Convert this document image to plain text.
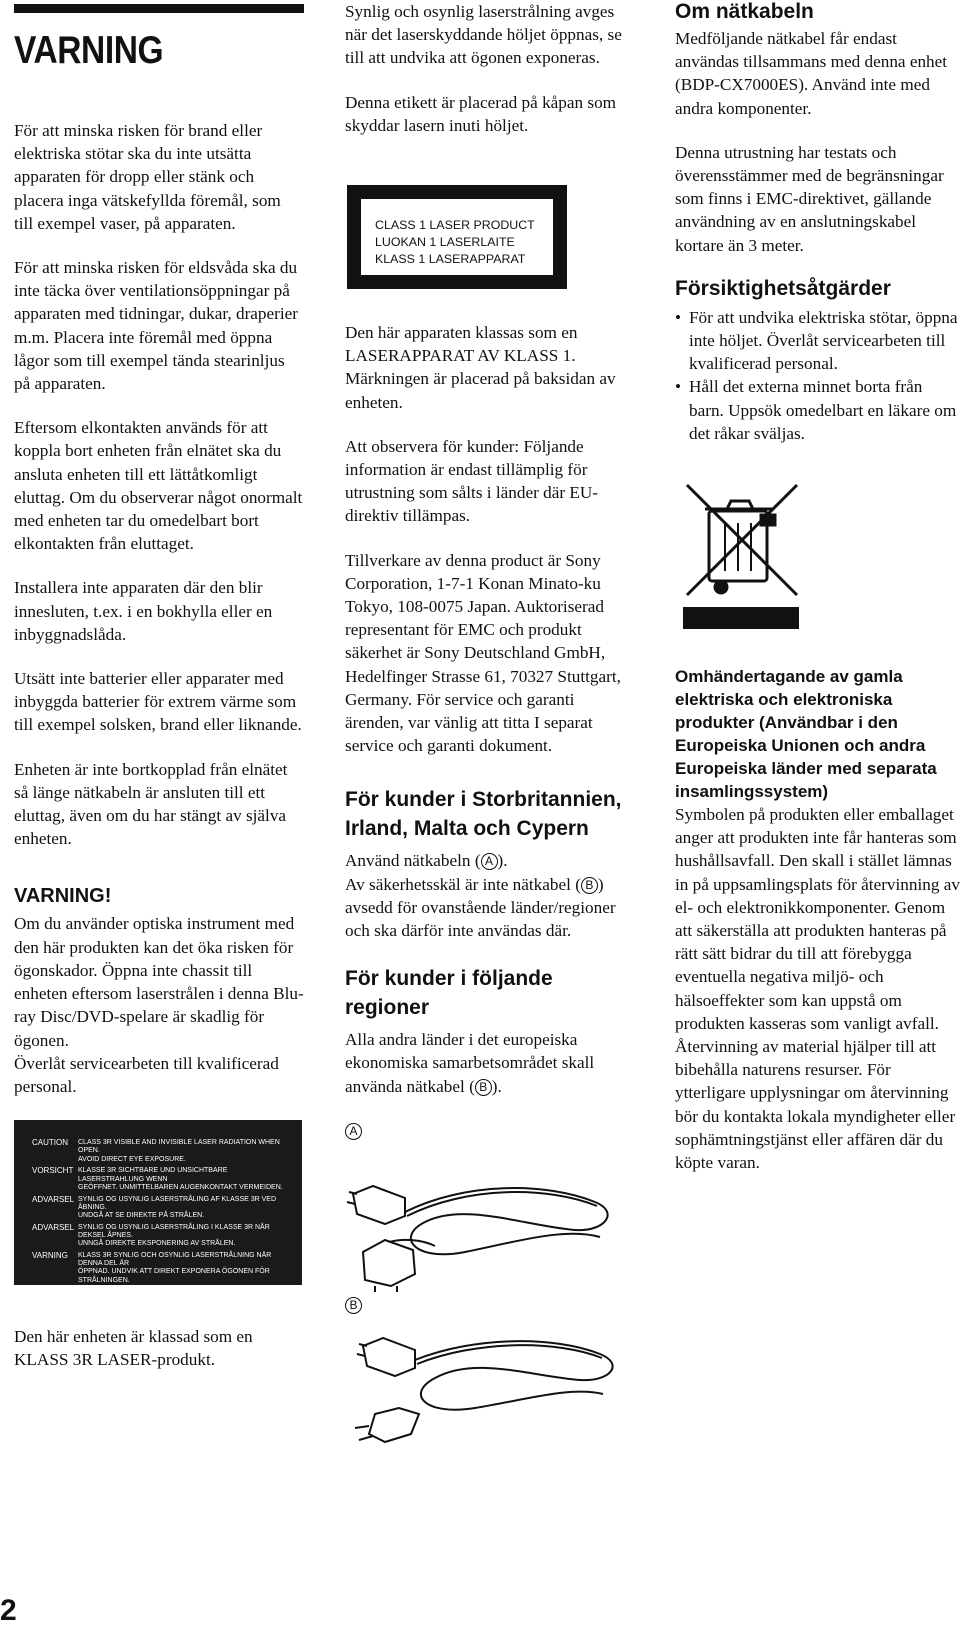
VARNING

För att minska risken för brand eller elektriska stötar ska du inte utsätta apparaten för dropp eller stänk och placera inga vätskefyllda föremål, som till exempel vaser, på apparaten.

För att minska risken för eldsvåda ska du inte täcka över ventilationsöppningar på apparaten med tidningar, dukar, draperier m.m. Placera inte föremål med öppna lågor som till exempel tända stearinljus på apparaten.

Eftersom elkontakten används för att koppla bort enheten från elnätet ska du ansluta enheten till ett lättåtkomligt eluttag. Om du observerar något onormalt med enheten tar du omedelbart bort elkontakten från eluttaget.

Installera inte apparaten där den blir innesluten, t.ex. i en bokhylla eller en inbyggnadslåda.

Utsätt inte batterier eller apparater med inbyggda batterier för extrem värme som till exempel solsken, brand eller liknande.

Enheten är inte bortkopplad från elnätet så länge nätkabeln är ansluten till ett eluttag, även om du har stängt av själva enheten.

VARNING!

Om du använder optiska instrument med den här produkten kan det öka risken för ögonskador. Öppna inte chassit till enheten eftersom laserstrålen i denna Blu-ray Disc/DVD-spelare är skadlig för ögonen.

Överlåt servicearbeten till kvalificerad personal.

CAUTION	CLASS 3R VISIBLE AND INVISIBLE LASER RADIATION WHEN OPEN.
AVOID DIRECT EYE EXPOSURE.
VORSICHT KLASSE 3R SICHTBARE UND UNSICHTBARE LASERSTRAHLUNG WENN
GEÖFFNET. UNMITTELBAREN AUGENKONTAKT VERMEIDEN.
ADVARSEL SYNLIG OG USYNLIG LASERSTRÅLING AF KLASSE 3R VED ÅBNING.
UNDGÅ AT SE DIREKTE PÅ STRÅLEN.
ADVARSEL SYNLIG OG USYNLIG LASERSTRÅLING I KLASSE 3R NÅR DEKSEL ÅPNES.
UNNGÅ DIREKTE EKSPONERING AV STRÅLEN.
VARNING	KLASS 3R SYNLIG OCH OSYNLIG LASERSTRÅLNING NÄR DENNA DEL ÄR
ÖPPNAD. UNDVIK ATT DIREKT EXPONERA ÖGONEN FÖR STRÅLNINGEN.
VARO!	AVATTUNA LUOKAN 3R NÄKYVÄÄ JA NÄKYMÄTÖNTÄ LASERSÄTEILYÄ.
VÄLTÄ KATSEEN SUORAA ALTISTAMISTA.

Den här enheten är klassad som en KLASS 3R LASER-produkt.

2

Synlig och osynlig laserstrålning avges när det laserskyddande höljet öppnas, se till att undvika att ögonen exponeras.

Denna etikett är placerad på kåpan som skyddar lasern inuti höljet.

CLASS 1 LASER PRODUCT
LUOKAN 1 LASERLAITE
KLASS 1 LASERAPPARAT

Den här apparaten klassas som en LASERAPPARAT AV KLASS 1. Märkningen är placerad på baksidan av enheten.

Att observera för kunder: Följande information är endast tillämplig för utrustning som sålts i länder där EU-direktiv tillämpas.

Tillverkare av denna product är Sony Corporation, 1-7-1 Konan Minato-ku Tokyo, 108-0075 Japan. Auktoriserad representant för EMC och produkt säkerhet är Sony Deutschland GmbH, Hedelfinger Strasse 61, 70327 Stuttgart, Germany. För service och garanti ärenden, var vänlig att titta I separat service och garanti dokument.

För kunder i Storbritannien, Irland, Malta och Cypern

Använd nätkabeln ( A ).

Av säkerhetsskäl är inte nätkabel ( B ) avsedd för ovanstående länder/regioner och ska därför inte användas där.

För kunder i följande regioner

Alla andra länder i det europeiska ekonomiska samarbetsområdet skall använda nätkabel ( B ).

A
B
Om nätkabeln

Medföljande nätkabel får endast användas tillsammans med denna enhet (BDP-CX7000ES). Använd inte med andra komponenter.

Denna utrustning har testats och överensstämmer med de begränsningar som finns i EMC-direktivet, gällande användning av en anslutningskabel kortare än 3 meter.

Försiktighetsåtgärder
• För att undvika elektriska stötar, öppna inte höljet. Överlåt servicearbeten till kvalificerad personal.
• Håll det externa minnet borta från barn. Uppsök omedelbart en läkare om det råkar sväljas.
Omhändertagande av gamla elektriska och elektroniska produkter (Användbar i den Europeiska Unionen och andra Europeiska länder med separata insamlingssystem)

Symbolen på produkten eller emballaget anger att produkten inte får hanteras som hushållsavfall. Den skall i stället lämnas in på uppsamlingsplats för återvinning av el- och elektronikkomponenter. Genom att säkerställa att produkten hanteras på rätt sätt bidrar du till att förebygga eventuella negativa miljö- och hälsoeffekter som kan uppstå om produkten kasseras som vanligt avfall. Återvinning av material hjälper till att bibehålla naturens resurser. För ytterligare upplysningar om återvinning bör du kontakta lokala myndigheter eller sophämtningstjänst eller affären där du köpte varan.
